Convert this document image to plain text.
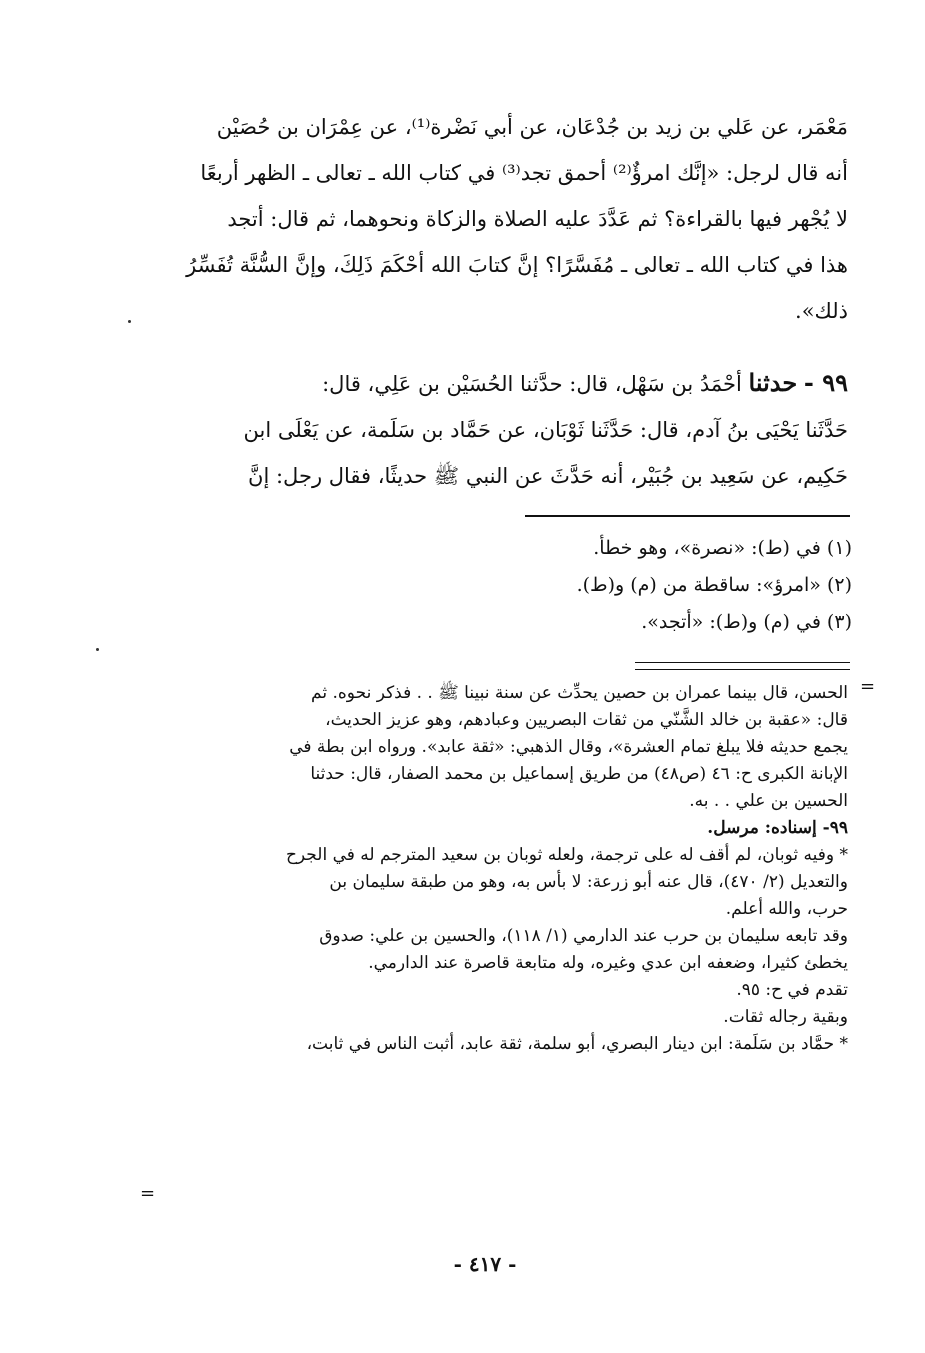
مَعْمَر، عن عَلي بن زيد بن جُدْعَان، عن أبي نَضْرة⁽¹⁾، عن عِمْرَان بن حُصَيْن
أنه قال لرجل: «إنَّك امرؤٌ⁽²⁾ أحمق تجد⁽³⁾ في كتاب الله ـ تعالى ـ الظهر أربعًا
لا يُجْهر فيها بالقراءة؟ ثم عَدَّدَ عليه الصلاة والزكاة ونحوهما، ثم قال: أتجد
هذا في كتاب الله ـ تعالى ـ مُفَسَّرًا؟ إنَّ كتابَ الله أحْكَمَ ذَلِكَ، وإنَّ السُّنَّة تُفَسِّرُ
ذلك».
٩٩ - حدثنا أحْمَدُ بن سَهْل، قال: حدَّثنا الحُسَيْن بن عَلِي، قال:
حَدَّثَنا يَحْيَى بنُ آدم، قال: حَدَّثَنا ثَوْبَان، عن حَمَّاد بن سَلَمة، عن يَعْلَى ابن
حَكِيم، عن سَعِيد بن جُبَيْر، أنه حَدَّثَ عن النبي ﷺ حديثًا، فقال رجل: إنَّ
(١) في (ط): «نصرة»، وهو خطأ.
(٢) «امرؤ»: ساقطة من (م) و(ط).
(٣) في (م) و(ط): «أتجد».
=
الحسن، قال بينما عمران بن حصين يحدِّث عن سنة نبينا ﷺ . . فذكر نحوه. ثم
قال: «عقبة بن خالد الشَّنّي من ثقات البصريين وعبادهم، وهو عزيز الحديث،
يجمع حديثه فلا يبلغ تمام العشرة»، وقال الذهبي: «ثقة عابد». ورواه ابن بطة في
الإبانة الكبرى ح: ٤٦ (ص٤٨) من طريق إسماعيل بن محمد الصفار، قال: حدثنا
الحسين بن علي . . به.
٩٩- إسناده: مرسل.
* وفيه ثوبان، لم أقف له على ترجمة، ولعله ثوبان بن سعيد المترجم له في الجرح
والتعديل (٢/ ٤٧٠)، قال عنه أبو زرعة: لا بأس به، وهو من طبقة سليمان بن
حرب، والله أعلم.
وقد تابعه سليمان بن حرب عند الدارمي (١/ ١١٨)، والحسين بن علي: صدوق
يخطئ كثيرا، وضعفه ابن عدي وغيره، وله متابعة قاصرة عند الدارمي.
تقدم في ح: ٩٥.
وبقية رجاله ثقات.
* حمَّاد بن سَلَمة: ابن دينار البصري، أبو سلمة، ثقة عابد، أثبت الناس في ثابت،
=
- ٤١٧ -
